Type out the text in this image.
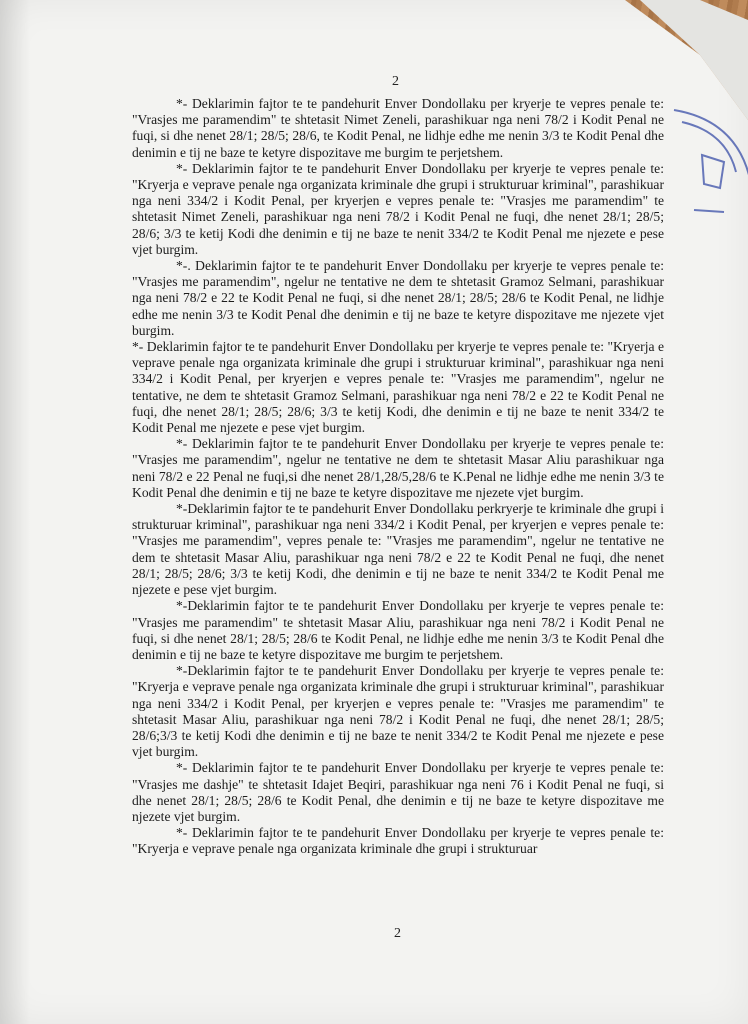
2

*- Deklarimin fajtor te te pandehurit Enver Dondollaku per kryerje te vepres penale te: "Vrasjes me paramendim" te shtetasit Nimet Zeneli, parashikuar nga neni 78/2 i Kodit Penal ne fuqi, si dhe nenet 28/1; 28/5; 28/6, te Kodit Penal, ne lidhje edhe me nenin 3/3 te Kodit Penal dhe denimin e tij ne baze te ketyre dispozitave me burgim te perjetshem.

*- Deklarimin fajtor te te pandehurit Enver Dondollaku per kryerje te vepres penale te: "Kryerja e veprave penale nga organizata kriminale dhe grupi i strukturuar kriminal", parashikuar nga neni 334/2 i Kodit Penal, per kryerjen e vepres penale te: "Vrasjes me paramendim" te shtetasit Nimet Zeneli, parashikuar nga neni 78/2 i Kodit Penal ne fuqi, dhe nenet 28/1; 28/5; 28/6; 3/3 te ketij Kodi dhe denimin e tij ne baze te nenit 334/2 te Kodit Penal me njezete e pese vjet burgim.

*-. Deklarimin fajtor te te pandehurit Enver Dondollaku per kryerje te vepres penale te: "Vrasjes me paramendim", ngelur ne tentative ne dem te shtetasit Gramoz Selmani, parashikuar nga neni 78/2 e 22 te Kodit Penal ne fuqi, si dhe nenet 28/1; 28/5; 28/6 te Kodit Penal, ne lidhje edhe me nenin 3/3 te Kodit Penal dhe denimin e tij ne baze te ketyre dispozitave me njezete vjet burgim.

*- Deklarimin fajtor te te pandehurit Enver Dondollaku per kryerje te vepres penale te: "Kryerja e veprave penale nga organizata kriminale dhe grupi i strukturuar kriminal", parashikuar nga neni 334/2 i Kodit Penal, per kryerjen e vepres penale te: "Vrasjes me paramendim", ngelur ne tentative, ne dem te shtetasit Gramoz Selmani, parashikuar nga neni 78/2 e 22 te Kodit Penal ne fuqi, dhe nenet 28/1; 28/5; 28/6; 3/3 te ketij Kodi, dhe denimin e tij ne baze te nenit 334/2 te Kodit Penal me njezete e pese vjet burgim.

*- Deklarimin fajtor te te pandehurit Enver Dondollaku per kryerje te vepres penale te: "Vrasjes me paramendim", ngelur ne tentative ne dem te shtetasit Masar Aliu parashikuar nga neni 78/2 e 22 Penal ne fuqi,si dhe nenet 28/1,28/5,28/6 te K.Penal ne lidhje edhe me nenin 3/3 te Kodit Penal dhe denimin e tij ne baze te ketyre dispozitave me njezete vjet burgim.

*-Deklarimin fajtor te te pandehurit Enver Dondollaku perkryerje te kriminale dhe grupi i strukturuar kriminal", parashikuar nga neni 334/2 i Kodit Penal, per kryerjen e vepres penale te: "Vrasjes me paramendim", vepres penale te: "Vrasjes me paramendim", ngelur ne tentative ne dem te shtetasit Masar Aliu, parashikuar nga neni 78/2 e 22 te Kodit Penal ne fuqi, dhe nenet 28/1; 28/5; 28/6; 3/3 te ketij Kodi, dhe denimin e tij ne baze te nenit 334/2 te Kodit Penal me njezete e pese vjet burgim.

*-Deklarimin fajtor te te pandehurit Enver Dondollaku per kryerje te vepres penale te: "Vrasjes me paramendim" te shtetasit Masar Aliu, parashikuar nga neni 78/2 i Kodit Penal ne fuqi, si dhe nenet 28/1; 28/5; 28/6 te Kodit Penal, ne lidhje edhe me nenin 3/3 te Kodit Penal dhe denimin e tij ne baze te ketyre dispozitave me burgim te perjetshem.

*-Deklarimin fajtor te te pandehurit Enver Dondollaku per kryerje te vepres penale te: "Kryerja e veprave penale nga organizata kriminale dhe grupi i strukturuar kriminal", parashikuar nga neni 334/2 i Kodit Penal, per kryerjen e vepres penale te: "Vrasjes me paramendim" te shtetasit Masar Aliu, parashikuar nga neni 78/2 i Kodit Penal ne fuqi, dhe nenet 28/1; 28/5; 28/6;3/3 te ketij Kodi dhe denimin e tij ne baze te nenit 334/2 te Kodit Penal me njezete e pese vjet burgim.

*- Deklarimin fajtor te te pandehurit Enver Dondollaku per kryerje te vepres penale te: "Vrasjes me dashje" te shtetasit Idajet Beqiri, parashikuar nga neni 76 i Kodit Penal ne fuqi, si dhe nenet 28/1; 28/5; 28/6 te Kodit Penal, dhe denimin e tij ne baze te ketyre dispozitave me njezete vjet burgim.

*- Deklarimin fajtor te te pandehurit Enver Dondollaku per kryerje te vepres penale te: "Kryerja e veprave penale nga organizata kriminale dhe grupi i strukturuar

2
